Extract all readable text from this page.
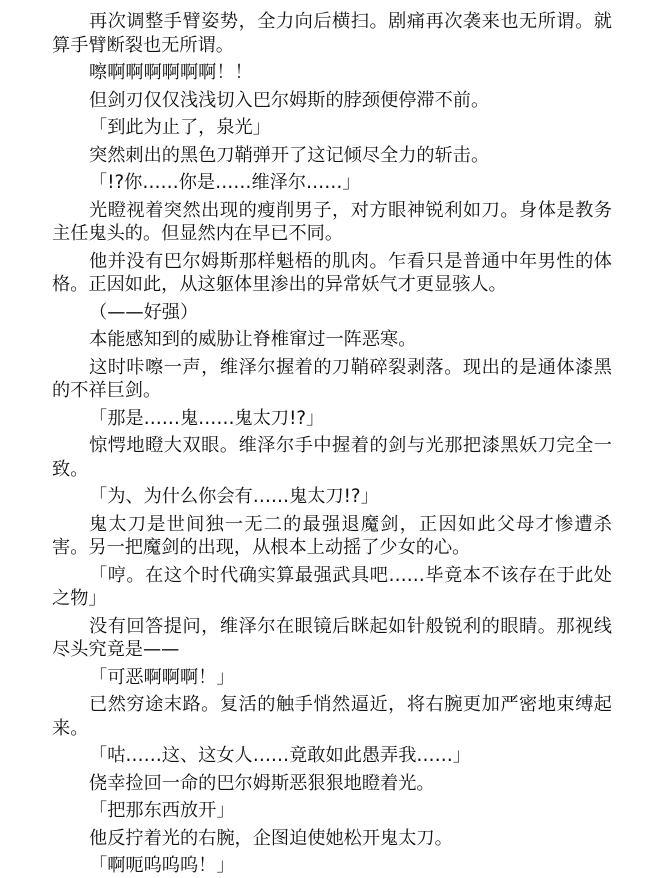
再次调整手臂姿势，全力向后横扫。剧痛再次袭来也无所谓。就算手臂断裂也无所谓。

嚓啊啊啊啊啊啊！！

但剑刃仅仅浅浅切入巴尔姆斯的脖颈便停滞不前。

「到此为止了，泉光」

突然刺出的黑色刀鞘弹开了这记倾尽全力的斩击。

「!?你……你是……维泽尔……」

光瞪视着突然出现的瘦削男子，对方眼神锐利如刀。身体是教务主任鬼头的。但显然内在早已不同。

他并没有巴尔姆斯那样魁梧的肌肉。乍看只是普通中年男性的体格。正因如此，从这躯体里渗出的异常妖气才更显骇人。

（——好强）

本能感知到的威胁让脊椎窜过一阵恶寒。

这时咔嚓一声，维泽尔握着的刀鞘碎裂剥落。现出的是通体漆黑的不祥巨剑。

「那是……鬼……鬼太刀!?」

惊愕地瞪大双眼。维泽尔手中握着的剑与光那把漆黑妖刀完全一致。

「为、为什么你会有……鬼太刀!?」

鬼太刀是世间独一无二的最强退魔剑，正因如此父母才惨遭杀害。另一把魔剑的出现，从根本上动摇了少女的心。

「哼。在这个时代确实算最强武具吧……毕竟本不该存在于此处之物」

没有回答提问，维泽尔在眼镜后眯起如针般锐利的眼睛。那视线尽头究竟是——

「可恶啊啊啊！」

已然穷途末路。复活的触手悄然逼近，将右腕更加严密地束缚起来。

「咕……这、这女人……竟敢如此愚弄我……」

侥幸捡回一命的巴尔姆斯恶狠狠地瞪着光。

「把那东西放开」

他反拧着光的右腕，企图迫使她松开鬼太刀。

「啊呃呜呜呜！」
